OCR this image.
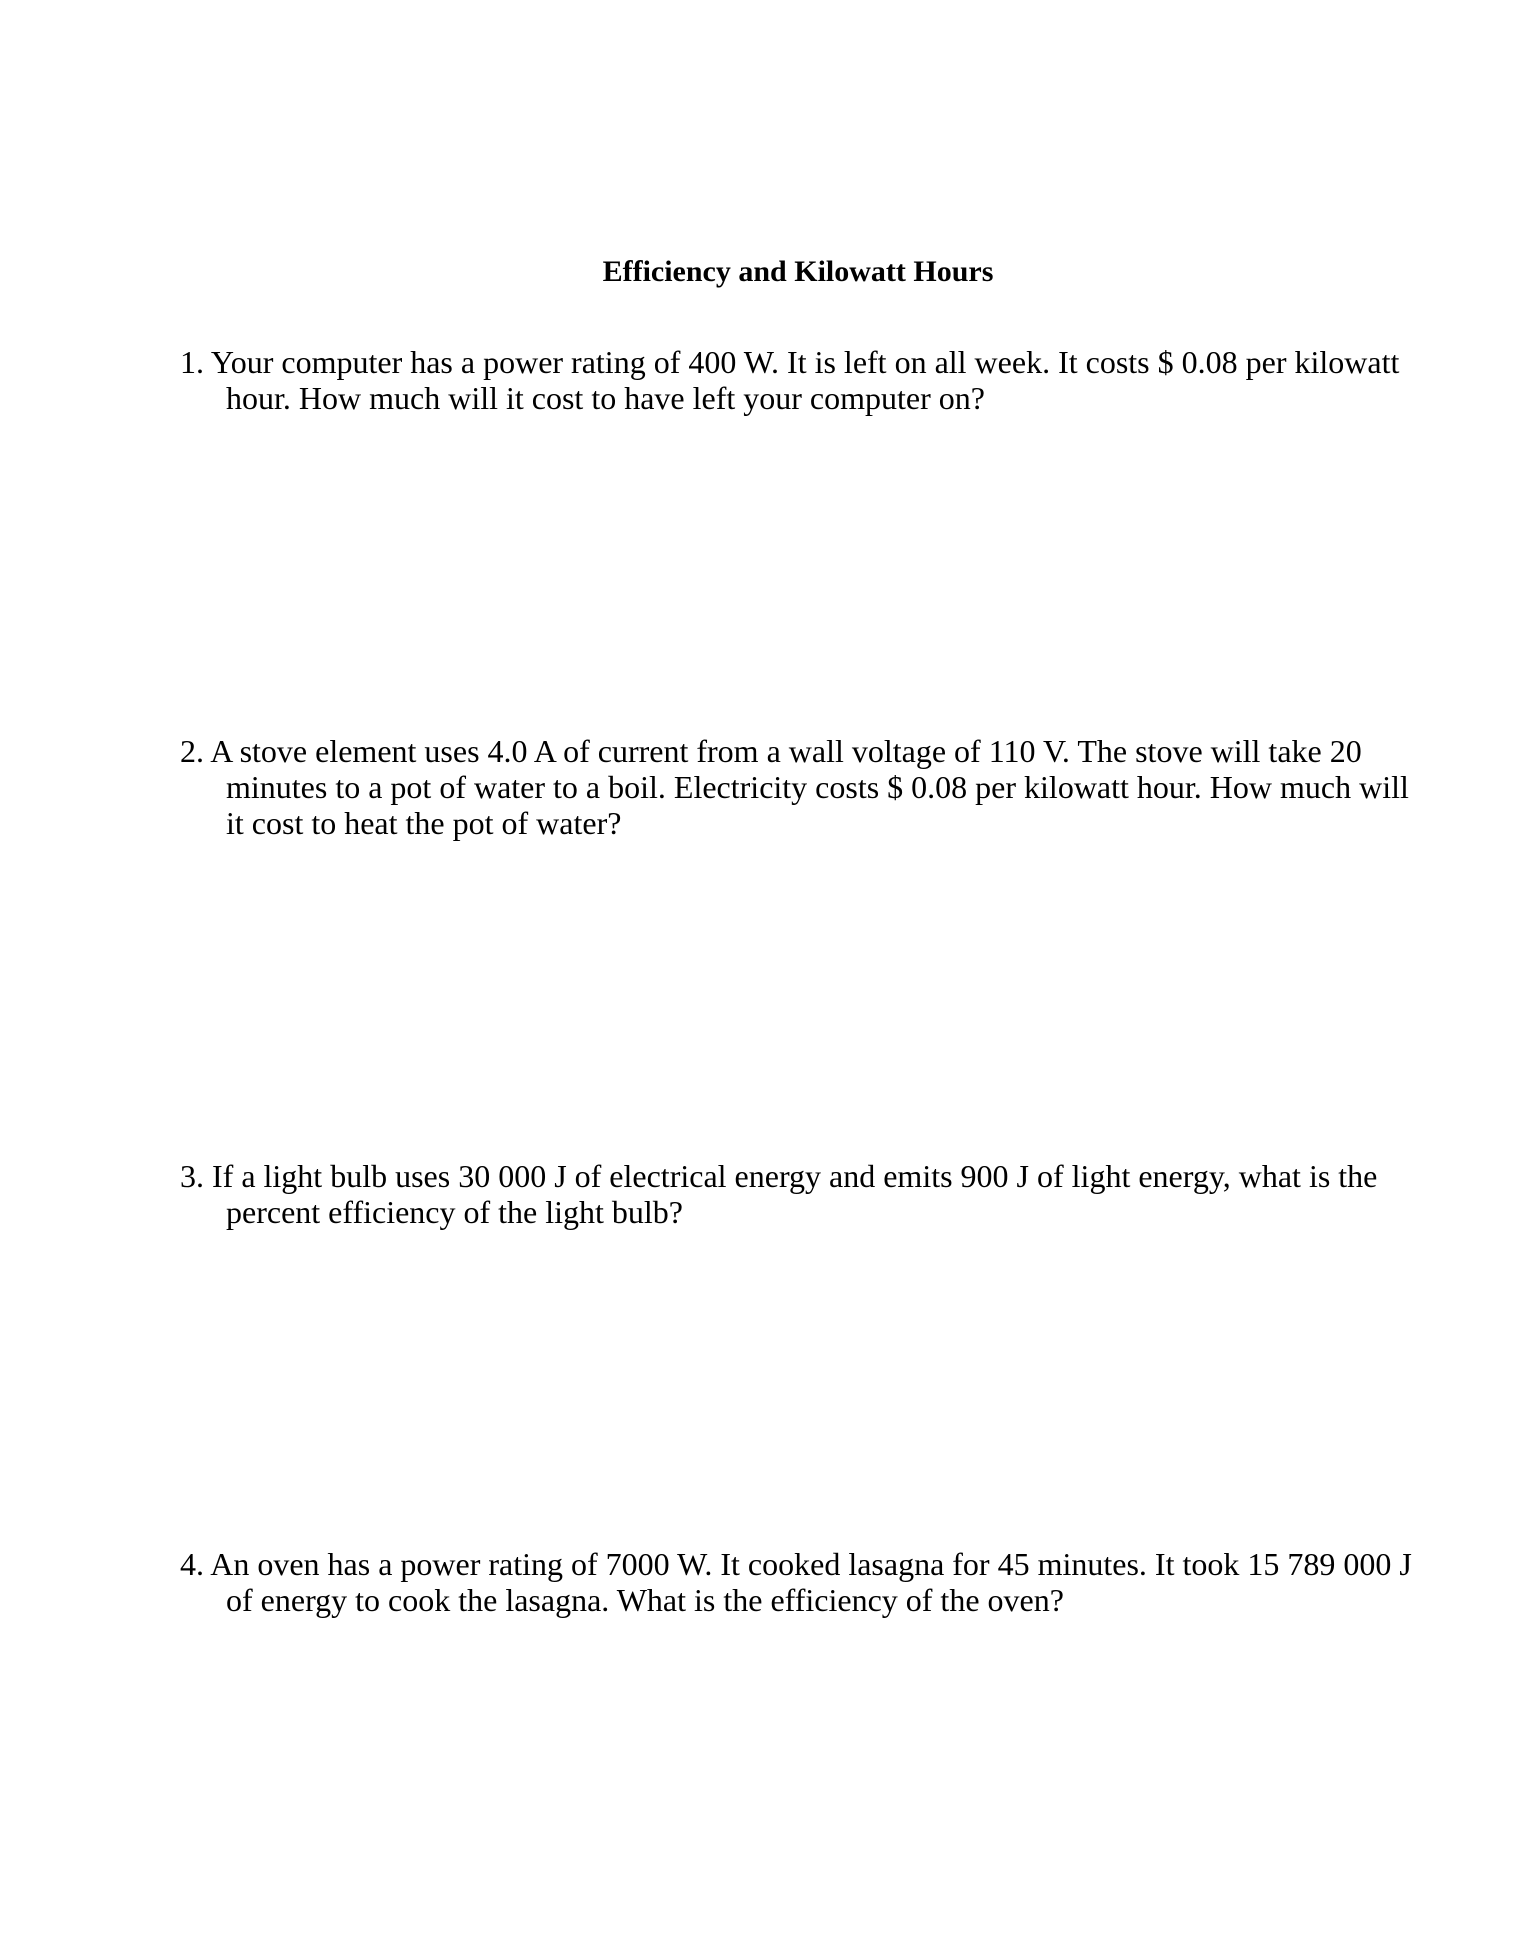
Efficiency and Kilowatt Hours
1. Your computer has a power rating of 400 W. It is left on all week. It costs $ 0.08 per kilowatt
hour. How much will it cost to have left your computer on?
2. A stove element uses 4.0 A of current from a wall voltage of 110 V. The stove will take 20
minutes to a pot of water to a boil. Electricity costs $ 0.08 per kilowatt hour. How much will
it cost to heat the pot of water?
3. If a light bulb uses 30 000 J of electrical energy and emits 900 J of light energy, what is the
percent efficiency of the light bulb?
4. An oven has a power rating of 7000 W. It cooked lasagna for 45 minutes. It took 15 789 000 J
of energy to cook the lasagna. What is the efficiency of the oven?
